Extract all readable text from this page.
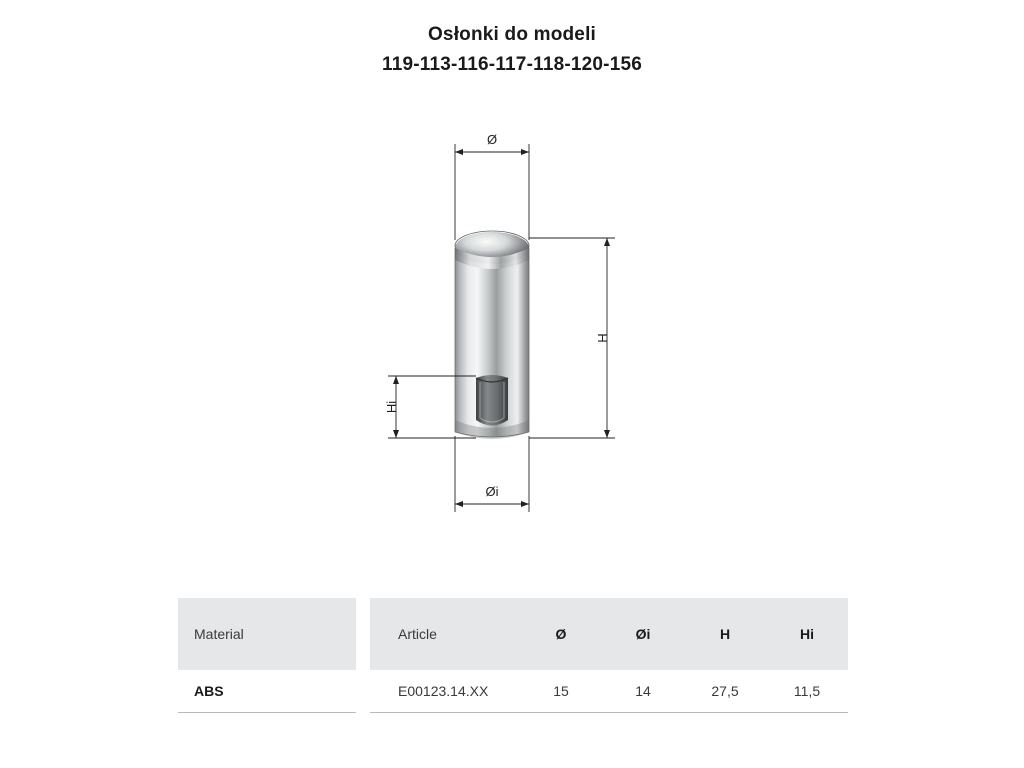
Osłonki do modeli
119-113-116-117-118-120-156
Ø
Øi
H
Hi
Material		Article	Ø	Øi	H	Hi
ABS		E00123.14.XX	15	14	27,5	11,5
